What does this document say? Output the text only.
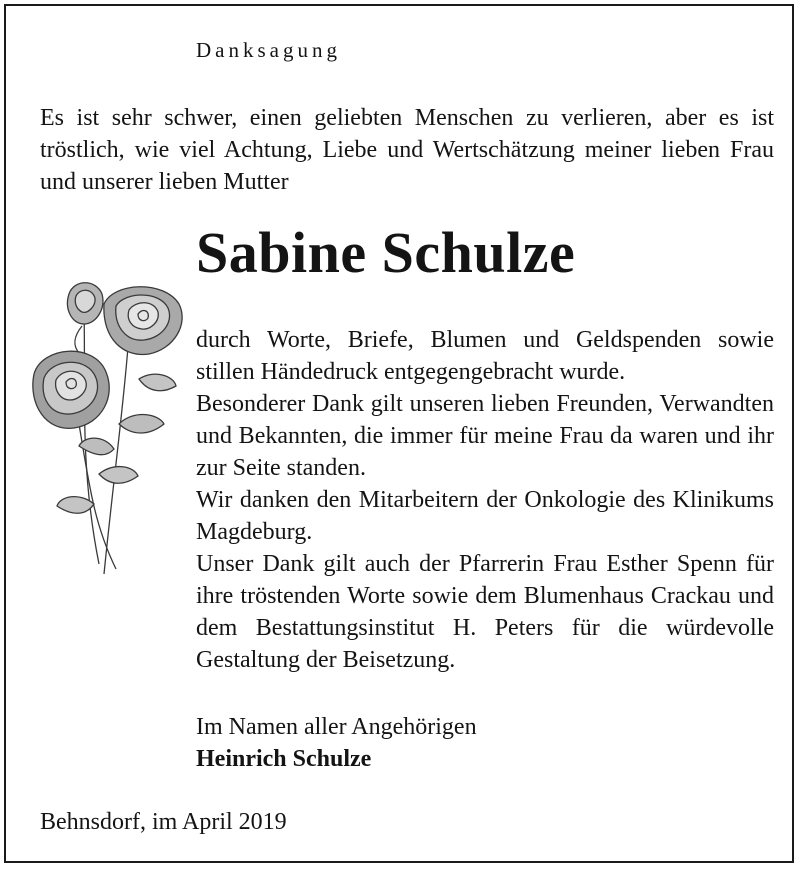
Danksagung

Es ist sehr schwer, einen geliebten Menschen zu verlieren, aber es ist tröstlich, wie viel Achtung, Liebe und Wertschätzung meiner lieben Frau und unserer lieben Mutter

Sabine Schulze

durch Worte, Briefe, Blumen und Geldspenden sowie stillen Händedruck entgegengebracht wurde.

Besonderer Dank gilt unseren lieben Freunden, Verwandten und Bekannten, die immer für meine Frau da waren und ihr zur Seite standen.

Wir danken den Mitarbeitern der Onkologie des Klinikums Magdeburg.

Unser Dank gilt auch der Pfarrerin Frau Esther Spenn für ihre tröstenden Worte sowie dem Blumenhaus Crackau und dem Bestattungsinstitut H. Peters für die würdevolle Gestaltung der Beisetzung.

Im Namen aller Angehörigen
Heinrich Schulze
Behnsdorf, im April 2019
